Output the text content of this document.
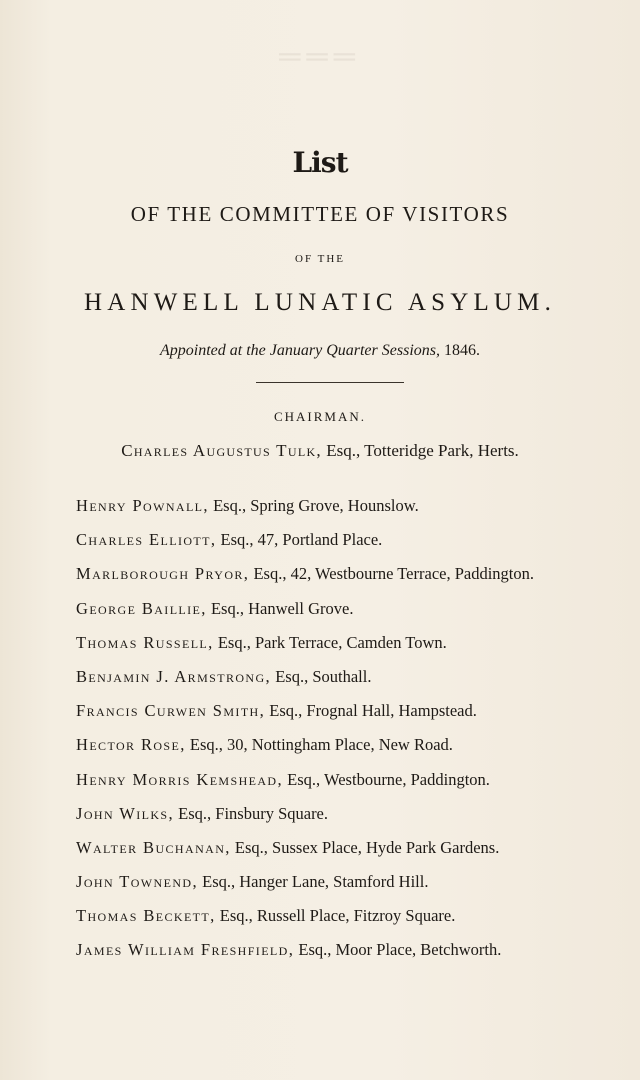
═══
List
OF THE COMMITTEE OF VISITORS
OF THE
HANWELL LUNATIC ASYLUM.
Appointed at the January Quarter Sessions, 1846.
CHAIRMAN.
Charles Augustus Tulk, Esq., Totteridge Park, Herts.
Henry Pownall, Esq., Spring Grove, Hounslow.
Charles Elliott, Esq., 47, Portland Place.
Marlborough Pryor, Esq., 42, Westbourne Terrace, Paddington.
George Baillie, Esq., Hanwell Grove.
Thomas Russell, Esq., Park Terrace, Camden Town.
Benjamin J. Armstrong, Esq., Southall.
Francis Curwen Smith, Esq., Frognal Hall, Hampstead.
Hector Rose, Esq., 30, Nottingham Place, New Road.
Henry Morris Kemshead, Esq., Westbourne, Paddington.
John Wilks, Esq., Finsbury Square.
Walter Buchanan, Esq., Sussex Place, Hyde Park Gardens.
John Townend, Esq., Hanger Lane, Stamford Hill.
Thomas Beckett, Esq., Russell Place, Fitzroy Square.
James William Freshfield, Esq., Moor Place, Betchworth.
